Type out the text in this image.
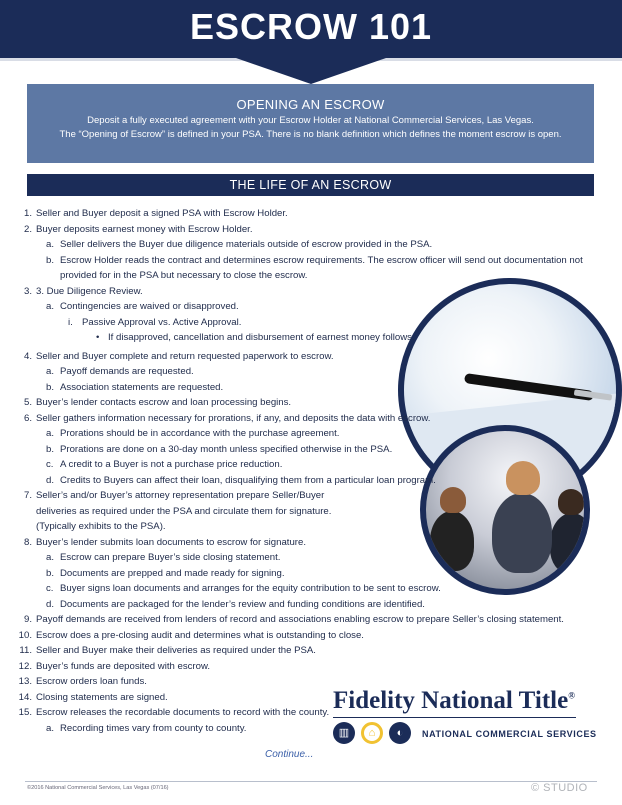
ESCROW 101
OPENING AN ESCROW
Deposit a fully executed agreement with your Escrow Holder at National Commercial Services, Las Vegas.
The “Opening of Escrow” is defined in your PSA. There is no blank definition which defines the moment escrow is open.
THE LIFE OF AN ESCROW
1. Seller and Buyer deposit a signed PSA with Escrow Holder.
2. Buyer deposits earnest money with Escrow Holder.
a. Seller delivers the Buyer due diligence materials outside of escrow provided in the PSA.
b. Escrow Holder reads the contract and determines escrow requirements. The escrow officer will send out documentation not provided for in the PSA but necessary to close the escrow.
3. 3. Due Diligence Review.
a. Contingencies are waived or disapproved.
i. Passive Approval vs. Active Approval.
• If disapproved, cancellation and disbursement of earnest money follows.
4. Seller and Buyer complete and return requested paperwork to escrow.
a. Payoff demands are requested.
b. Association statements are requested.
5. Buyer’s lender contacts escrow and loan processing begins.
6. Seller gathers information necessary for prorations, if any, and deposits the data with escrow.
a. Prorations should be in accordance with the purchase agreement.
b. Prorations are done on a 30-day month unless specified otherwise in the PSA.
c. A credit to a Buyer is not a purchase price reduction.
d. Credits to Buyers can affect their loan, disqualifying them from a particular loan program.
7. Seller’s and/or Buyer’s attorney representation prepare Seller/Buyer deliveries as required under the PSA and circulate them for signature. (Typically exhibits to the PSA).
8. Buyer’s lender submits loan documents to escrow for signature.
a. Escrow can prepare Buyer’s side closing statement.
b. Documents are prepped and made ready for signing.
c. Buyer signs loan documents and arranges for the equity contribution to be sent to escrow.
d. Documents are packaged for the lender’s review and funding conditions are identified.
9. Payoff demands are received from lenders of record and associations enabling escrow to prepare Seller’s closing statement.
10. Escrow does a pre-closing audit and determines what is outstanding to close.
11. Seller and Buyer make their deliveries as required under the PSA.
12. Buyer’s funds are deposited with escrow.
13. Escrow orders loan funds.
14. Closing statements are signed.
15. Escrow releases the recordable documents to record with the county.
a. Recording times vary from county to county.
Fidelity National Title®
▥	⌂	◐	NATIONAL COMMERCIAL SERVICES
Continue...
©2016 National Commercial Services, Las Vegas (07/16)	© STUDIO
